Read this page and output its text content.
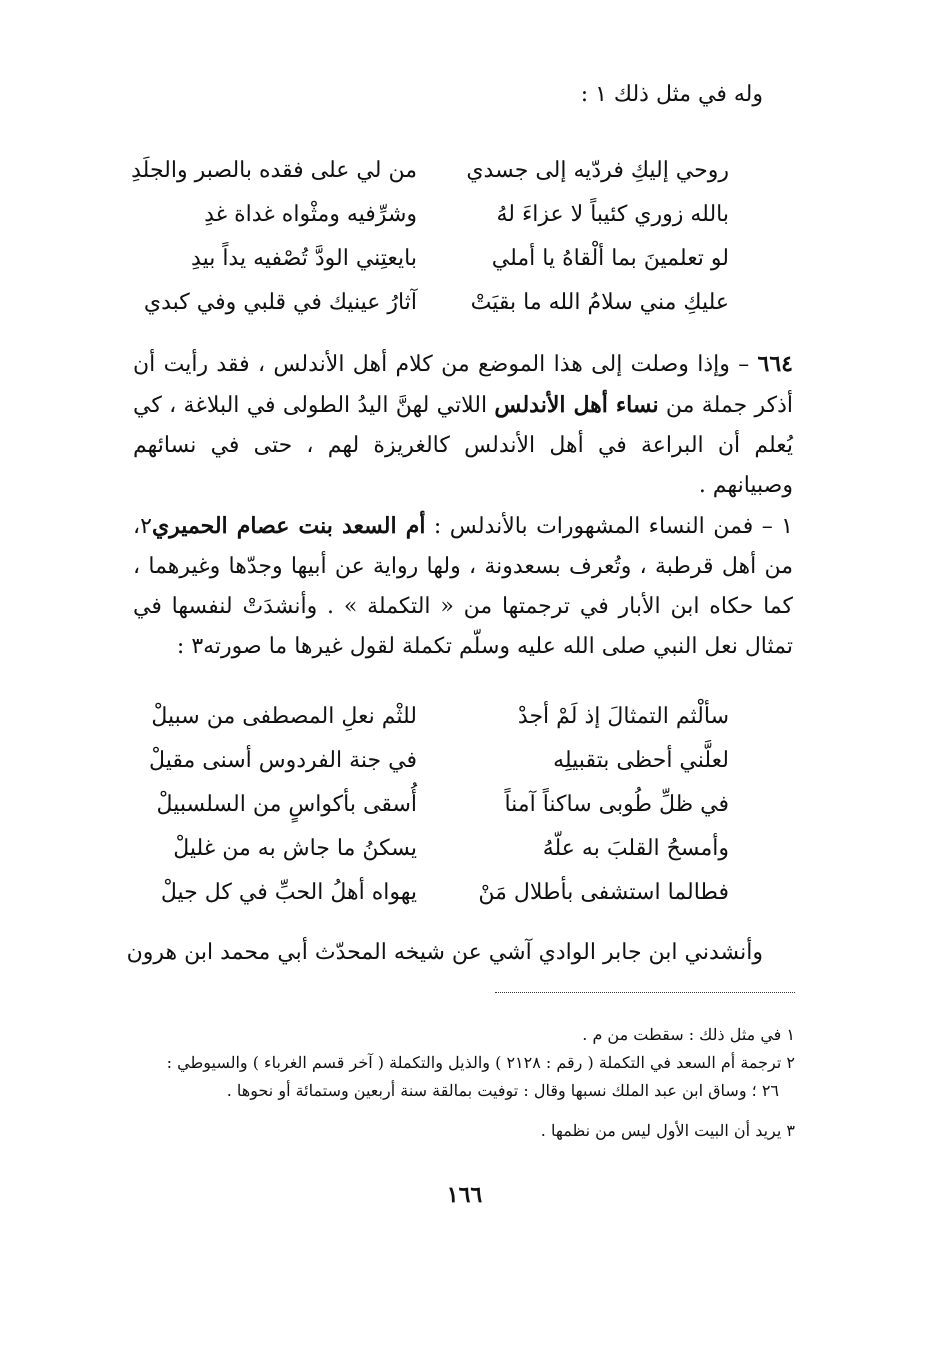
وله في مثل ذلك ١ :
روحي إليكِ فردّيه إلى جسدي
من لي على فقده بالصبر والجلَدِ
بالله زوري كئيباً لا عزاءَ لهُ
وشرِّفيه ومثْواه غداة غدِ
لو تعلمينَ بما ألْقاهُ يا أملي
بايعتِني الودَّ تُصْفيه يداً بيدِ
عليكِ مني سلامُ الله ما بقيَتْ
آثارُ عينيك في قلبي وفي كبدي
٦٦٤ – وإذا وصلت إلى هذا الموضع من كلام أهل الأندلس ، فقد رأيت أن أذكر جملة من نساء أهل الأندلس اللاتي لهنَّ اليدُ الطولى في البلاغة ، كي يُعلم أن البراعة في أهل الأندلس كالغريزة لهم ، حتى في نسائهم وصبيانهم .
١ – فمن النساء المشهورات بالأندلس : أم السعد بنت عصام الحميري٢، من أهل قرطبة ، وتُعرف بسعدونة ، ولها رواية عن أبيها وجدّها وغيرهما ، كما حكاه ابن الأبار في ترجمتها من « التكملة » . وأنشدَتْ لنفسها في تمثال نعل النبي صلى الله عليه وسلّم تكملة لقول غيرها ما صورته٣ :
سألْثم التمثالَ إذ لَمْ أجدْ
للثْم نعلِ المصطفى من سبيلْ
لعلَّني أحظى بتقبيلِه
في جنة الفردوس أسنى مقيلْ
في ظلِّ طُوبى ساكناً آمناً
أُسقى بأكواسٍ من السلسبيلْ
وأمسحُ القلبَ به علّهُ
يسكنُ ما جاش به من غليلْ
فطالما استشفى بأطلال مَنْ
يهواه أهلُ الحبِّ في كل جيلْ
وأنشدني ابن جابر الوادي آشي عن شيخه المحدّث أبي محمد ابن هرون
١ في مثل ذلك : سقطت من م .
٢ ترجمة أم السعد في التكملة ( رقم : ٢١٢٨ ) والذيل والتكملة ( آخر قسم الغرباء ) والسيوطي :
٢٦ ؛ وساق ابن عبد الملك نسبها وقال : توفيت بمالقة سنة أربعين وستمائة أو نحوها .
٣ يريد أن البيت الأول ليس من نظمها .
١٦٦
